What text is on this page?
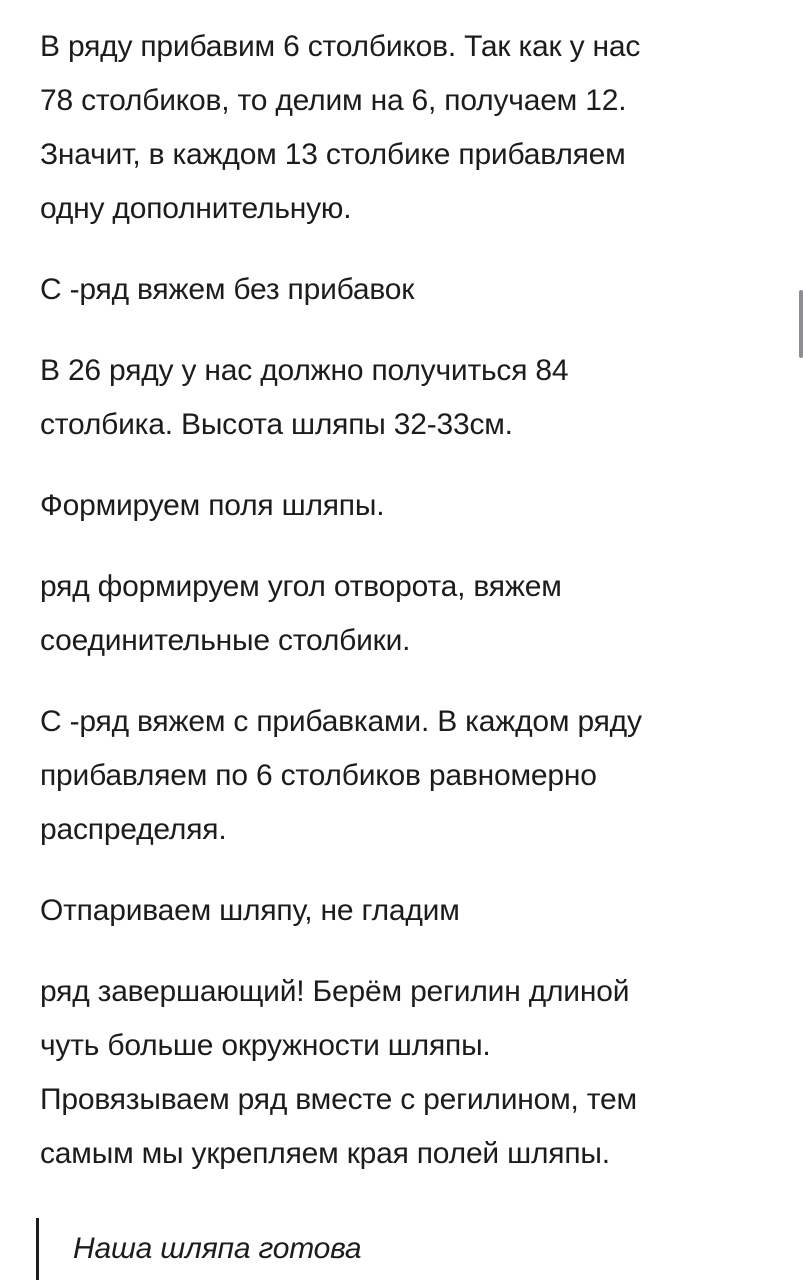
В ряду прибавим 6 столбиков. Так как у нас
78 столбиков, то делим на 6, получаем 12.
Значит, в каждом 13 столбике прибавляем
одну дополнительную.

С -ряд вяжем без прибавок

В 26 ряду у нас должно получиться 84
столбика. Высота шляпы 32-33см.

Формируем поля шляпы.

ряд формируем угол отворота, вяжем
соединительные столбики.

С -ряд вяжем с прибавками. В каждом ряду
прибавляем по 6 столбиков равномерно
распределяя.

Отпариваем шляпу, не гладим

ряд завершающий! Берём регилин длиной
чуть больше окружности шляпы.
Провязываем ряд вместе с регилином, тем
самым мы укрепляем края полей шляпы.

Наша шляпа готова
